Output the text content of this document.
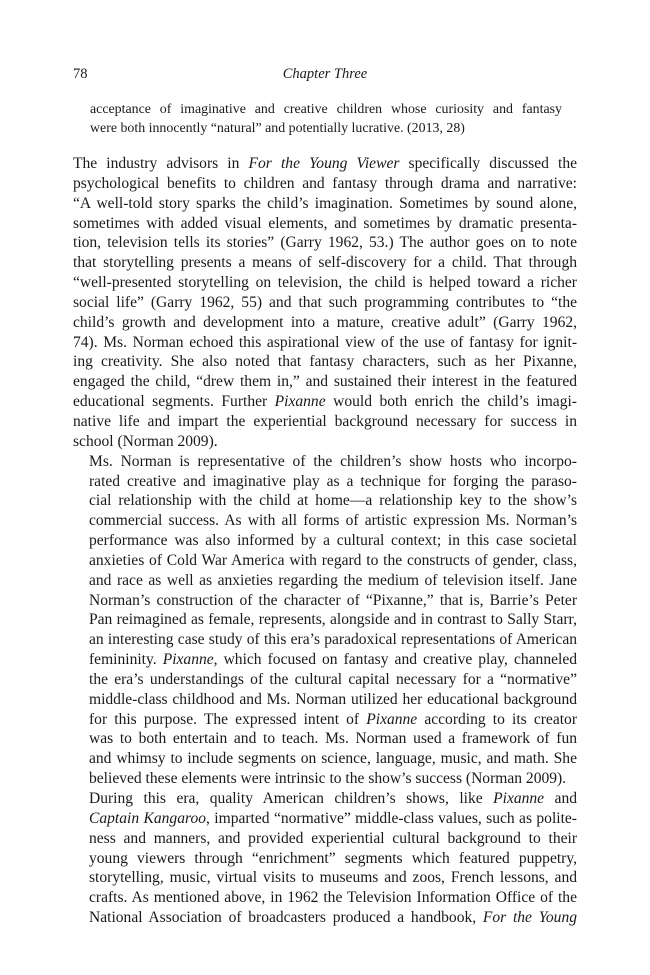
78	Chapter Three
acceptance of imaginative and creative children whose curiosity and fantasy
were both innocently “natural” and potentially lucrative. (2013, 28)

The industry advisors in For the Young Viewer specifically discussed the
psychological benefits to children and fantasy through drama and narrative:
“A well-told story sparks the child’s imagination. Sometimes by sound alone,
sometimes with added visual elements, and sometimes by dramatic presenta-
tion, television tells its stories” (Garry 1962, 53.) The author goes on to note
that storytelling presents a means of self-discovery for a child. That through
“well-presented storytelling on television, the child is helped toward a richer
social life” (Garry 1962, 55) and that such programming contributes to “the
child’s growth and development into a mature, creative adult” (Garry 1962,
74). Ms. Norman echoed this aspirational view of the use of fantasy for ignit-
ing creativity. She also noted that fantasy characters, such as her Pixanne,
engaged the child, “drew them in,” and sustained their interest in the featured
educational segments. Further Pixanne would both enrich the child’s imagi-
native life and impart the experiential background necessary for success in
school (Norman 2009).

Ms. Norman is representative of the children’s show hosts who incorpo-
rated creative and imaginative play as a technique for forging the paraso-
cial relationship with the child at home—a relationship key to the show’s
commercial success. As with all forms of artistic expression Ms. Norman’s
performance was also informed by a cultural context; in this case societal
anxieties of Cold War America with regard to the constructs of gender, class,
and race as well as anxieties regarding the medium of television itself. Jane
Norman’s construction of the character of “Pixanne,” that is, Barrie’s Peter
Pan reimagined as female, represents, alongside and in contrast to Sally Starr,
an interesting case study of this era’s paradoxical representations of American
femininity. Pixanne, which focused on fantasy and creative play, channeled
the era’s understandings of the cultural capital necessary for a “normative”
middle-class childhood and Ms. Norman utilized her educational background
for this purpose. The expressed intent of Pixanne according to its creator
was to both entertain and to teach. Ms. Norman used a framework of fun
and whimsy to include segments on science, language, music, and math. She
believed these elements were intrinsic to the show’s success (Norman 2009).

During this era, quality American children’s shows, like Pixanne and
Captain Kangaroo, imparted “normative” middle-class values, such as polite-
ness and manners, and provided experiential cultural background to their
young viewers through “enrichment” segments which featured puppetry,
storytelling, music, virtual visits to museums and zoos, French lessons, and
crafts. As mentioned above, in 1962 the Television Information Office of the
National Association of broadcasters produced a handbook, For the Young
